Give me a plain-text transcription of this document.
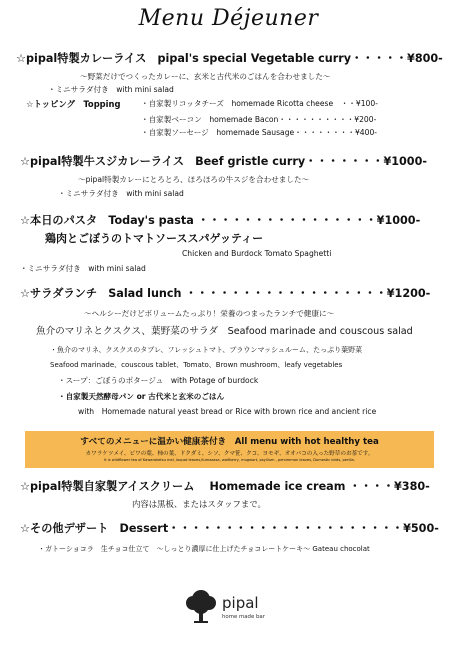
Menu Déjeuner
☆pipal特製カレーライス　pipal's special Vegetable curry・・・・・¥800-
～野菜だけでつくったカレーに、玄米と古代米のごはんを合わせました～
・ミニサラダ付き　with mini salad
☆トッピング　Topping	・自家製リコッタチーズ　homemade Ricotta cheese　・・¥100-
・自家製ベーコン　homemade Bacon・・・・・・・・・・¥200-
・自家製ソーセージ　homemade Sausage・・・・・・・・¥400-
☆pipal特製牛スジカレーライス　Beef gristle curry・・・・・・・¥1000-
～pipal特製カレーにとろとろ、ほろほろの牛スジを合わせました～
・ミニサラダ付き　with mini salad
☆本日のパスタ　Today's pasta ・・・・・・・・・・・・・・・・¥1000-
鶏肉とごぼうのトマトソーススパゲッティー
Chicken and Burdock Tomato Spaghetti
・ミニサラダ付き　with mini salad
☆サラダランチ　Salad lunch ・・・・・・・・・・・・・・・・・・¥1200-
～ヘルシーだけどボリュームたっぷり！栄養のつまったランチで健康に～
魚介のマリネとクスクス、葉野菜のサラダ　Seafood marinade and couscous salad
・魚介のマリネ、クスクスのタブレ、フレッシュトマト、ブラウンマッシュルーム、たっぷり葉野菜
Seafood marinade、couscous tablet、Tomato、Brown mushroom、leafy vegetables
・スープ：ごぼうのポタージュ　with Potage of burdock
・自家製天然酵母パン or 古代米と玄米のごはん
with　Homemade natural yeast bread or Rice with brown rice and ancient rice
すべてのメニューに温かい健康茶付き　All menu with hot healthy tea
カワラケツメイ、ビワの葉、柿の葉、ドクダミ、シソ、クマ笹、クコ、ヨモギ、オオバコの入った野草のお茶です。
It is wildflower tea of Kawaraketsu mei, loquat leaves,Kumazasa, wolfberry, mugwort, psyllium , persimmon leaves, Domestic birds, perilla.
☆pipal特製自家製アイスクリーム　 Homemade ice cream ・・・・¥380-
内容は黒板、またはスタッフまで。
☆その他デザート　Dessert・・・・・・・・・・・・・・・・・・・・・¥500-
・ガトーショコラ　生チョコ仕立て　～しっとり濃厚に仕上げたチョコレートケーキ～ Gateau chocolat
pipal
home made bar
